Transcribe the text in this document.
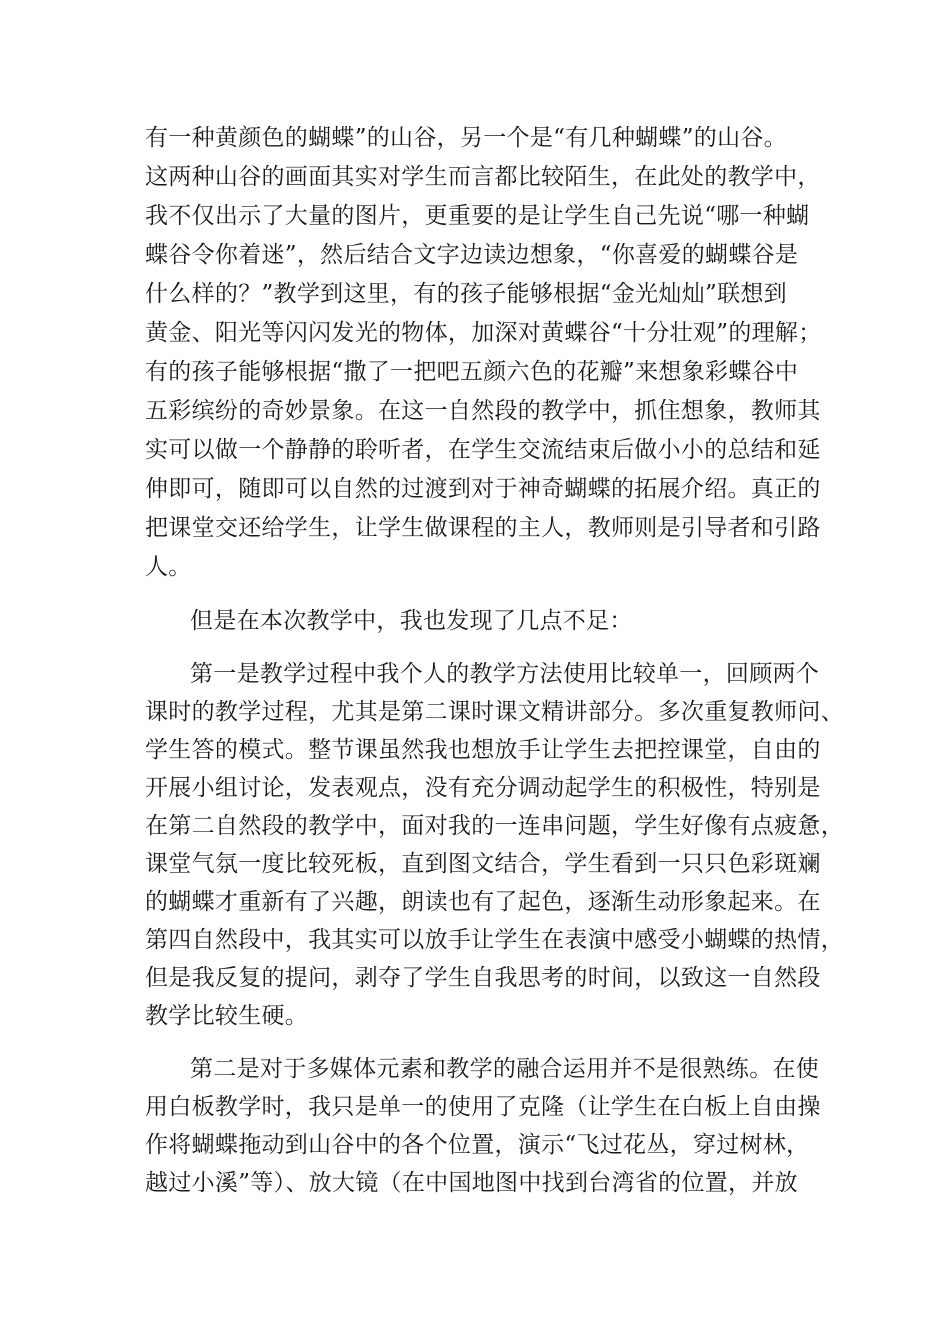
有一种黄颜色的蝴蝶”的山谷，另一个是“有几种蝴蝶”的山谷。
这两种山谷的画面其实对学生而言都比较陌生，在此处的教学中，
我不仅出示了大量的图片，更重要的是让学生自己先说“哪一种蝴
蝶谷令你着迷”，然后结合文字边读边想象，“你喜爱的蝴蝶谷是
什么样的？”教学到这里，有的孩子能够根据“金光灿灿”联想到
黄金、阳光等闪闪发光的物体，加深对黄蝶谷“十分壮观”的理解；
有的孩子能够根据“撒了一把吧五颜六色的花瓣”来想象彩蝶谷中
五彩缤纷的奇妙景象。在这一自然段的教学中，抓住想象，教师其
实可以做一个静静的聆听者，在学生交流结束后做小小的总结和延
伸即可，随即可以自然的过渡到对于神奇蝴蝶的拓展介绍。真正的
把课堂交还给学生，让学生做课程的主人，教师则是引导者和引路
人。
但是在本次教学中，我也发现了几点不足：
第一是教学过程中我个人的教学方法使用比较单一，回顾两个
课时的教学过程，尤其是第二课时课文精讲部分。多次重复教师问、
学生答的模式。整节课虽然我也想放手让学生去把控课堂，自由的
开展小组讨论，发表观点，没有充分调动起学生的积极性，特别是
在第二自然段的教学中，面对我的一连串问题，学生好像有点疲惫，
课堂气氛一度比较死板，直到图文结合，学生看到一只只色彩斑斓
的蝴蝶才重新有了兴趣，朗读也有了起色，逐渐生动形象起来。在
第四自然段中，我其实可以放手让学生在表演中感受小蝴蝶的热情，
但是我反复的提问，剥夺了学生自我思考的时间，以致这一自然段
教学比较生硬。
第二是对于多媒体元素和教学的融合运用并不是很熟练。在使
用白板教学时，我只是单一的使用了克隆（让学生在白板上自由操
作将蝴蝶拖动到山谷中的各个位置，演示“飞过花丛，穿过树林，
越过小溪”等）、放大镜（在中国地图中找到台湾省的位置，并放
